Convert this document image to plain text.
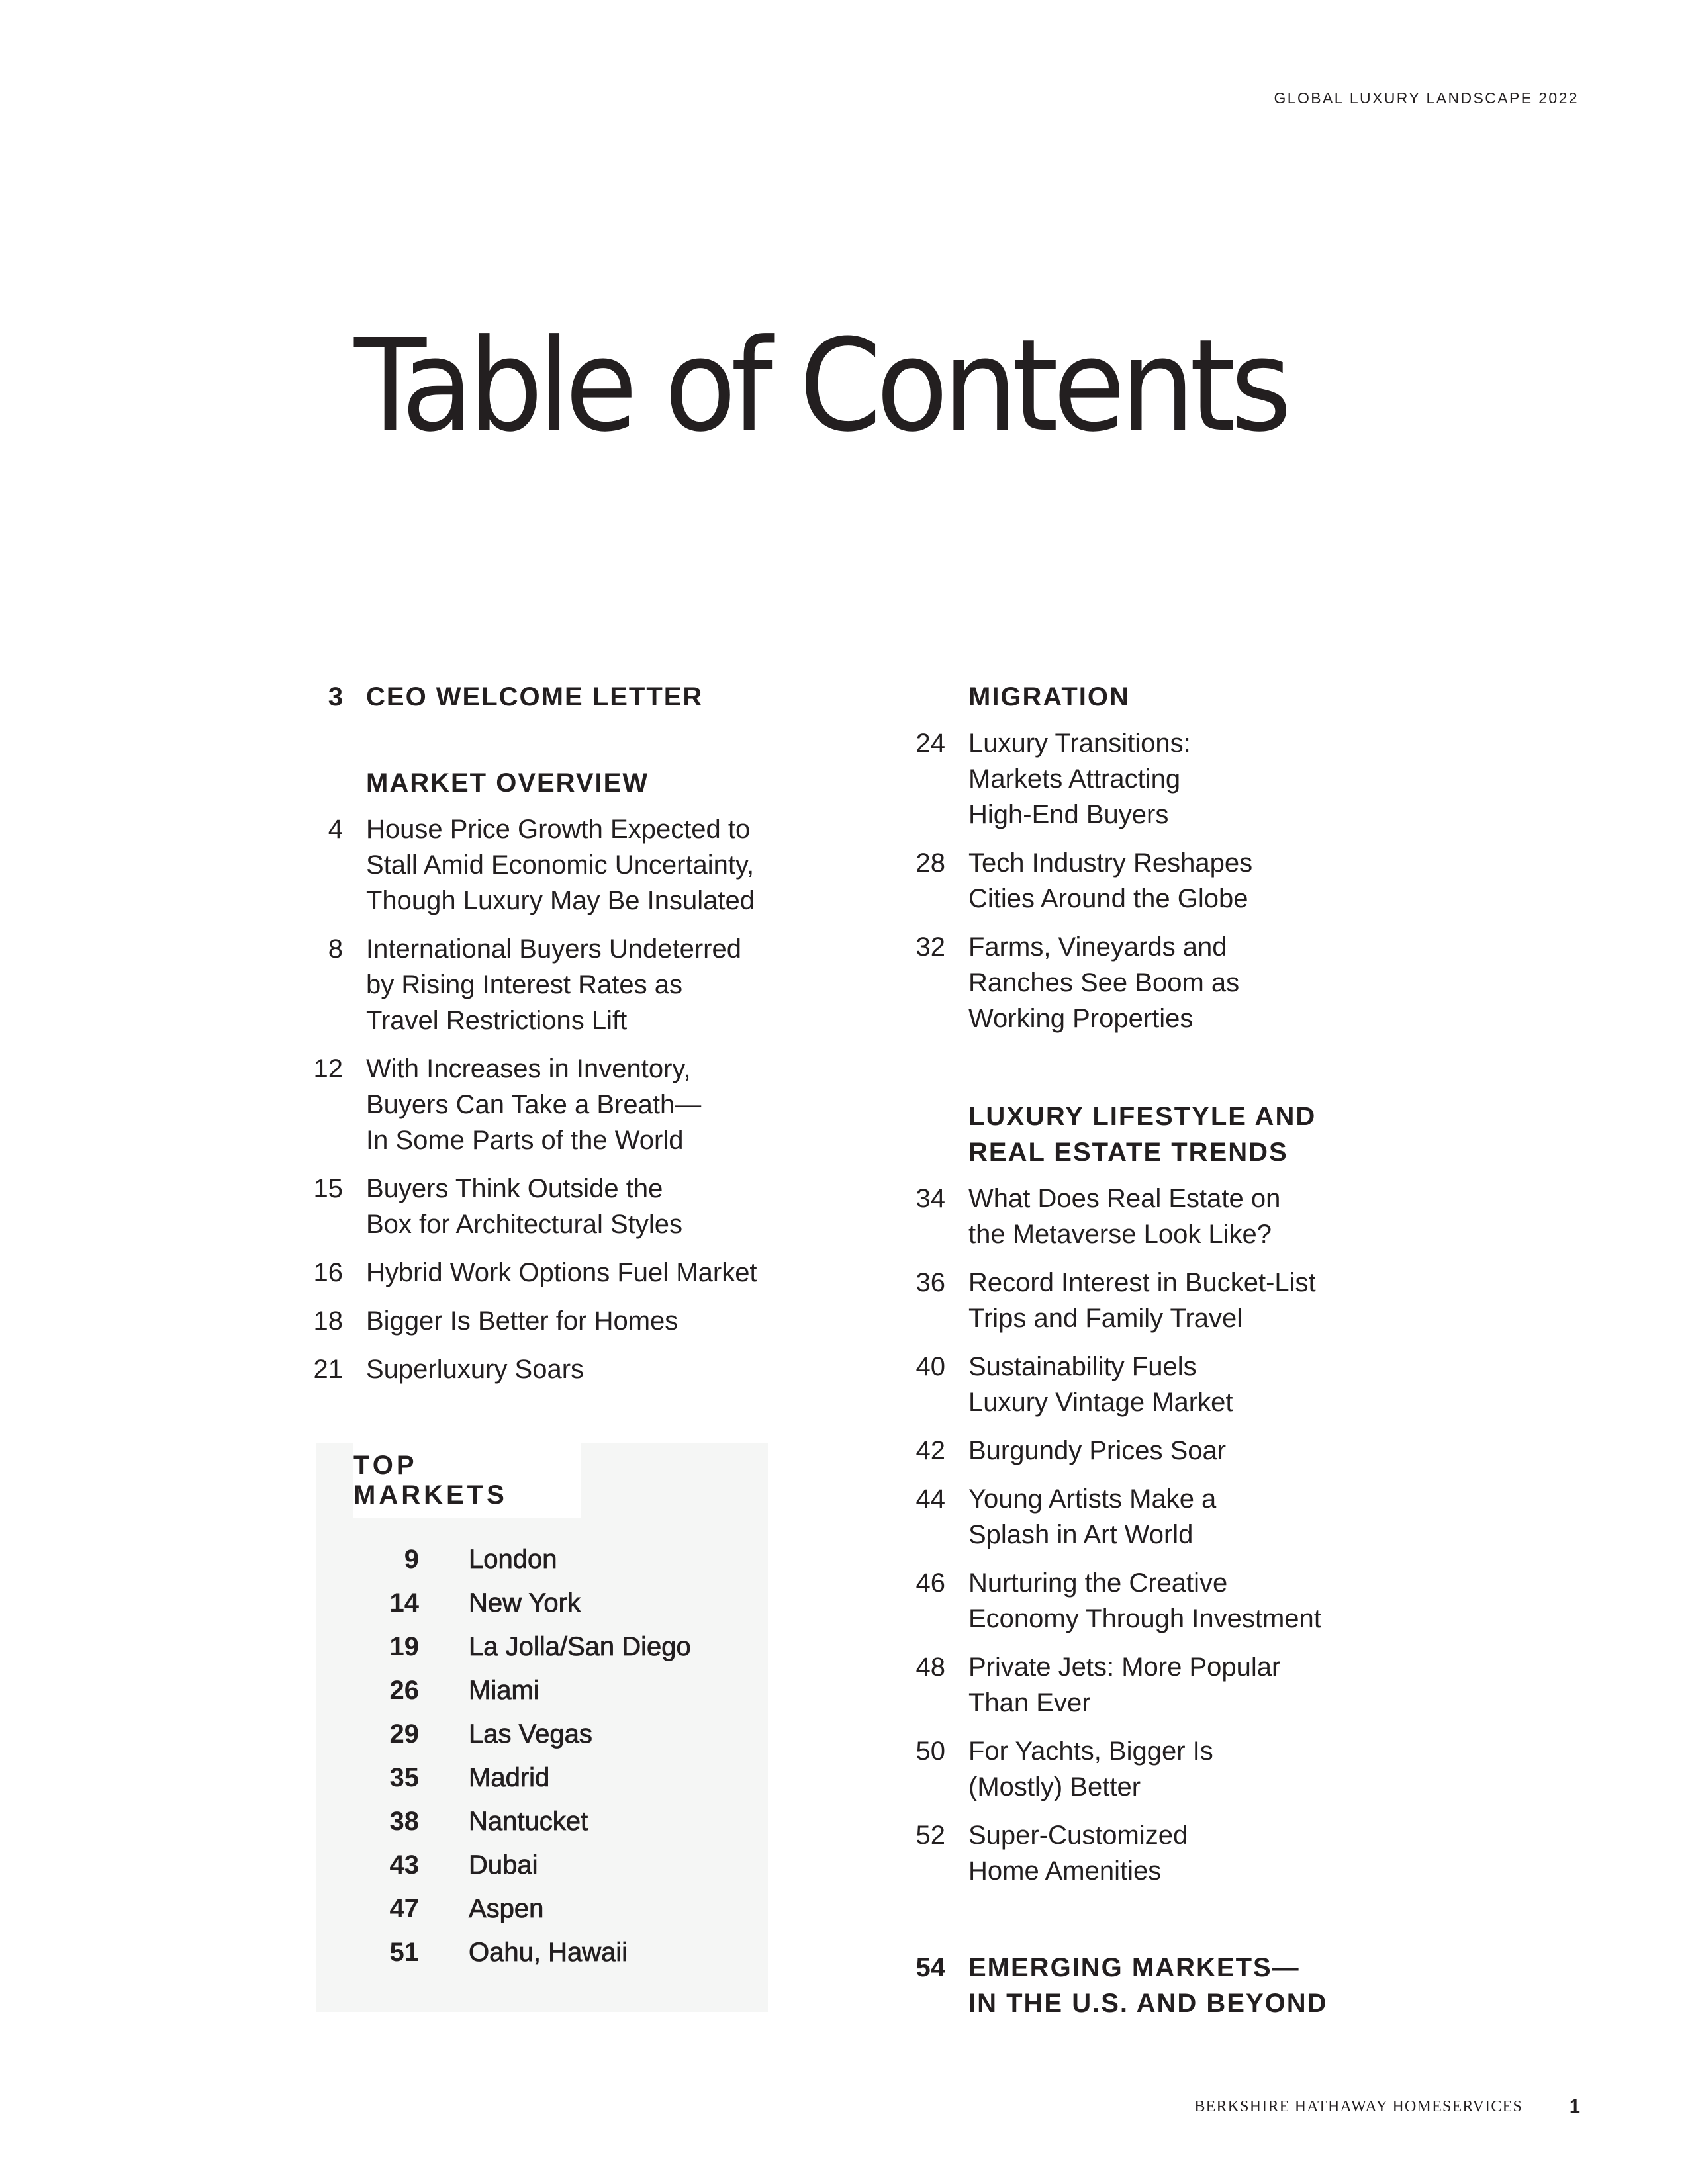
GLOBAL LUXURY LANDSCAPE 2022
Table of Contents
3 CEO WELCOME LETTER
MARKET OVERVIEW
4 House Price Growth Expected to
Stall Amid Economic Uncertainty,
Though Luxury May Be Insulated
8 International Buyers Undeterred
by Rising Interest Rates as
Travel Restrictions Lift
12 With Increases in Inventory,
Buyers Can Take a Breath—
In Some Parts of the World
15 Buyers Think Outside the
Box for Architectural Styles
16 Hybrid Work Options Fuel Market
18 Bigger Is Better for Homes
21 Superluxury Soars
TOP MARKETS
9 London
14 New York
19 La Jolla/San Diego
26 Miami
29 Las Vegas
35 Madrid
38 Nantucket
43 Dubai
47 Aspen
51 Oahu, Hawaii
MIGRATION
24 Luxury Transitions:
Markets Attracting
High-End Buyers
28 Tech Industry Reshapes
Cities Around the Globe
32 Farms, Vineyards and
Ranches See Boom as
Working Properties
LUXURY LIFESTYLE AND
REAL ESTATE TRENDS
34 What Does Real Estate on
the Metaverse Look Like?
36 Record Interest in Bucket-List
Trips and Family Travel
40 Sustainability Fuels
Luxury Vintage Market
42 Burgundy Prices Soar
44 Young Artists Make a
Splash in Art World
46 Nurturing the Creative
Economy Through Investment
48 Private Jets: More Popular
Than Ever
50 For Yachts, Bigger Is
(Mostly) Better
52 Super-Customized
Home Amenities
54 EMERGING MARKETS—
IN THE U.S. AND BEYOND
BERKSHIRE HATHAWAY HOMESERVICES 1
